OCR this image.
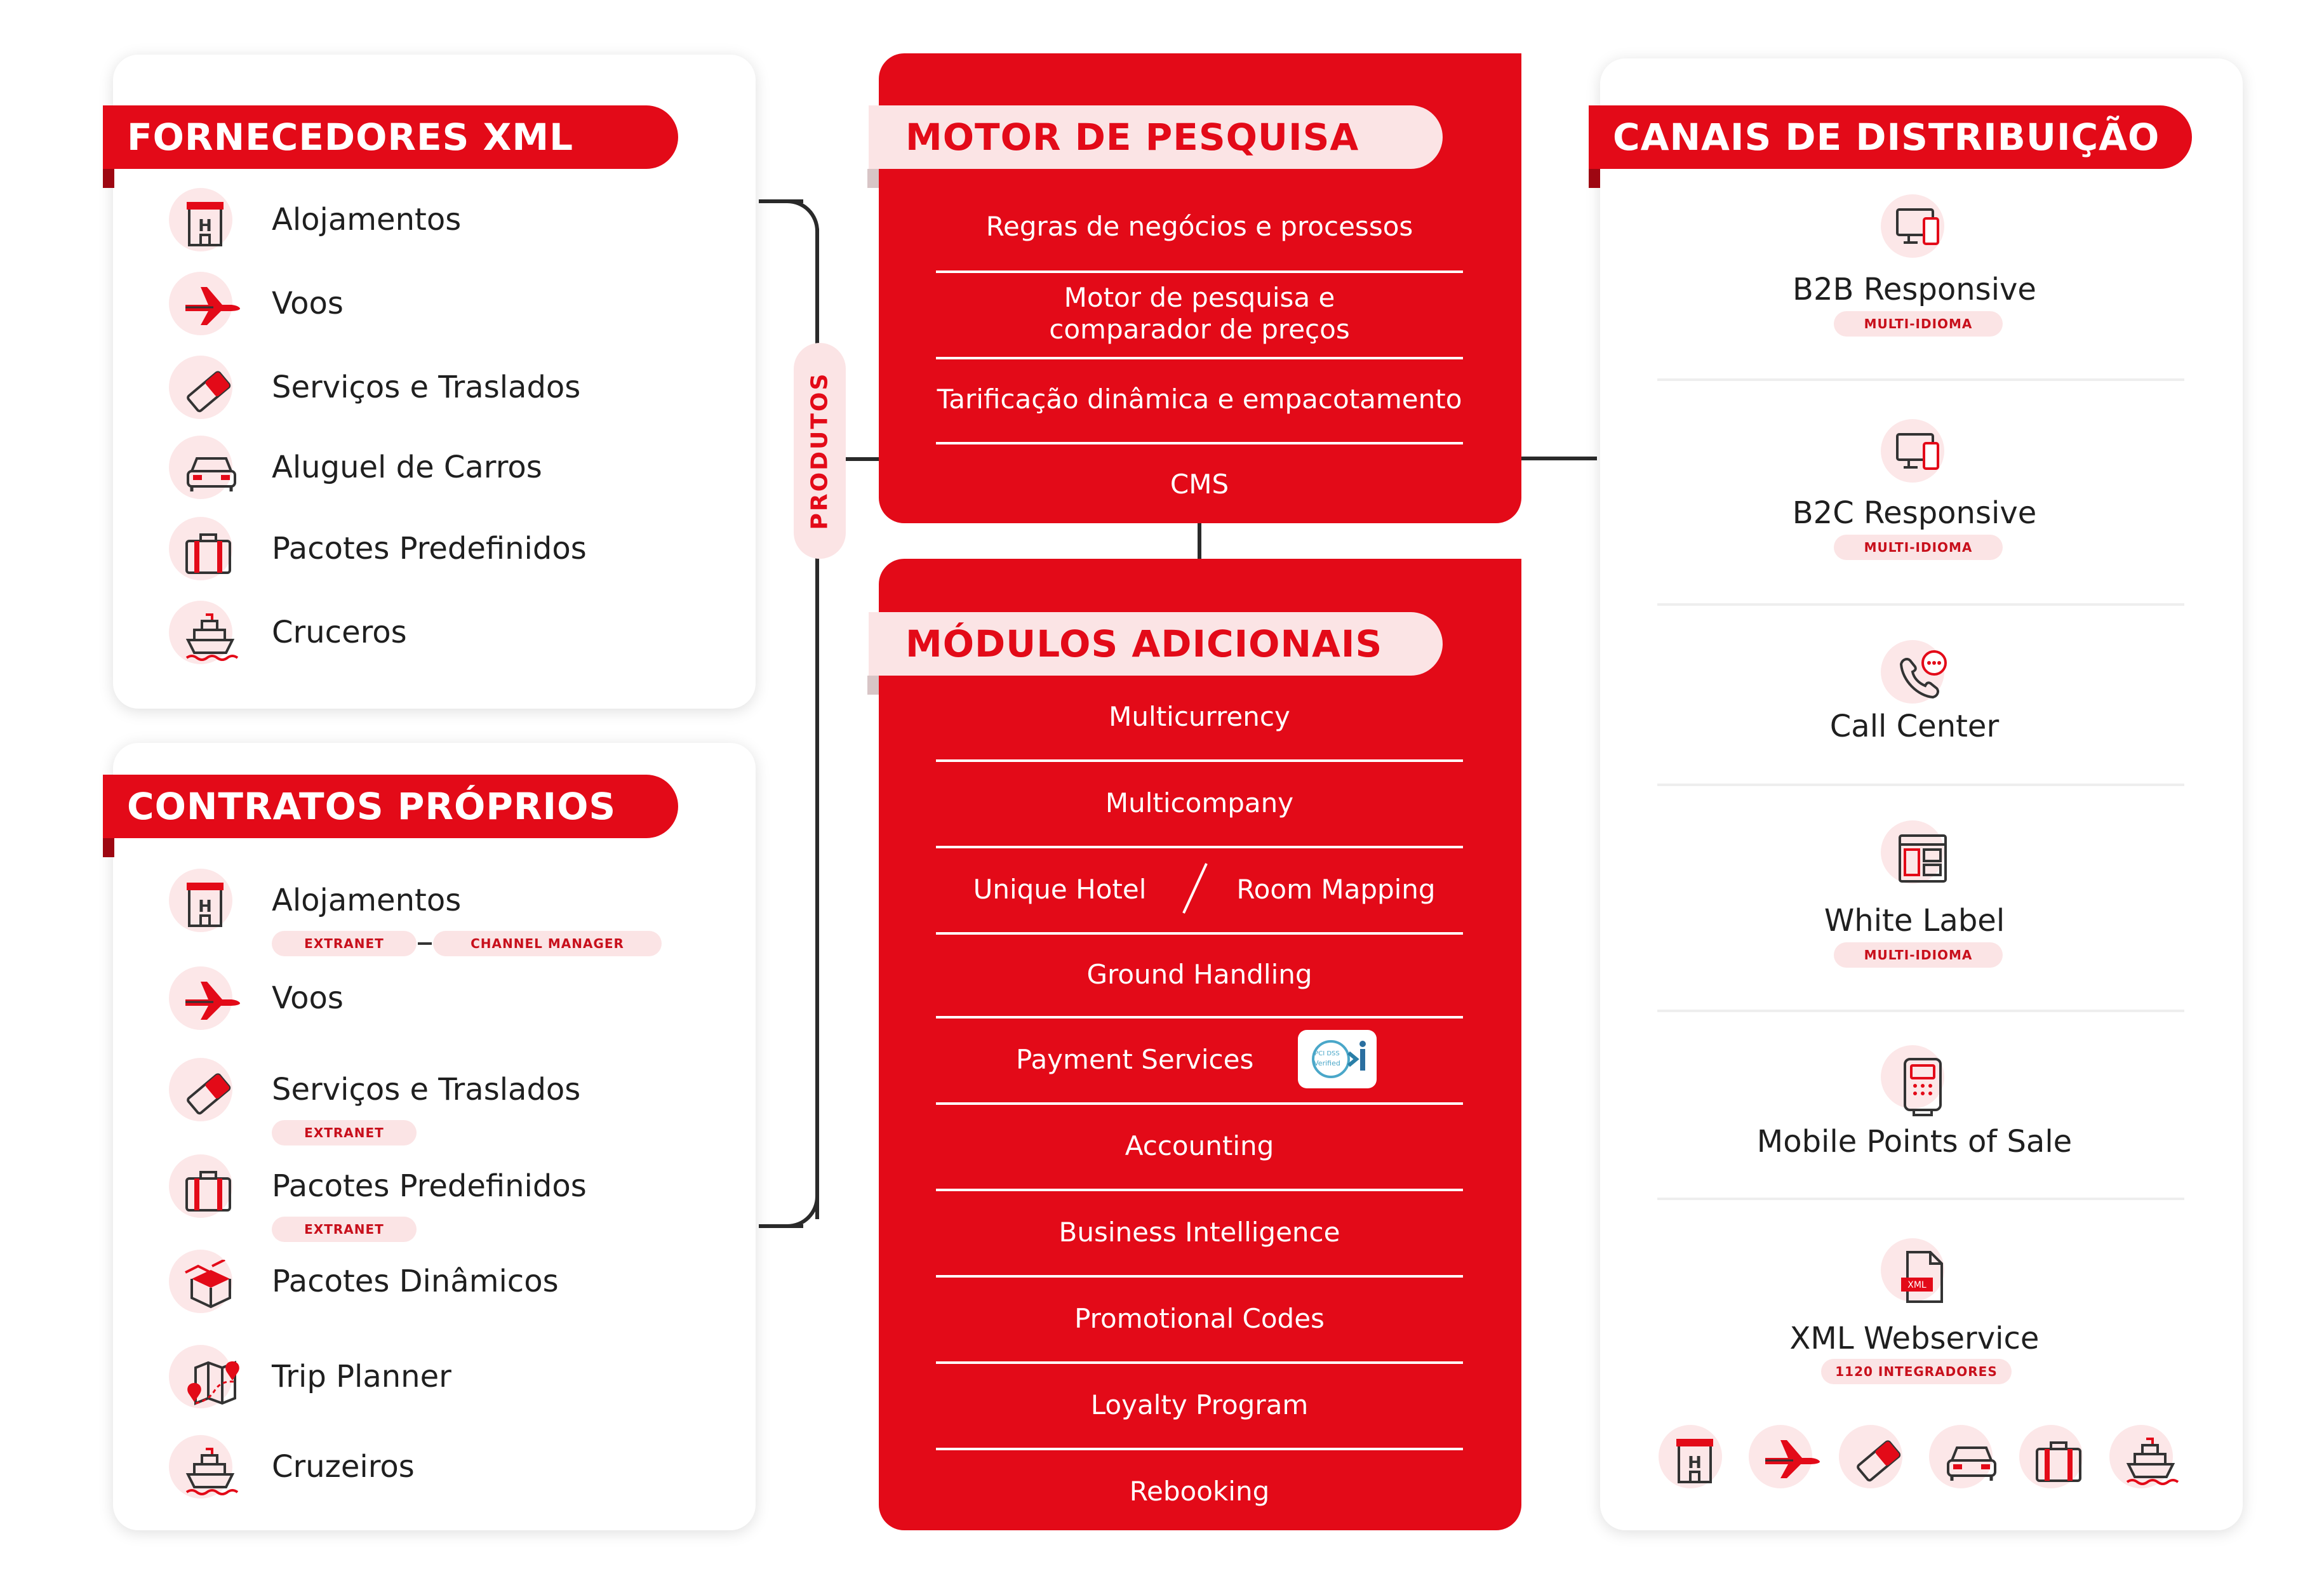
PRODUTOS
FORNECEDORES XML
CONTRATOS PRÓPRIOS
MOTOR DE PESQUISA
Regras de negócios e processos
Motor de pesquisa e
comparador de preços
Tarificação dinâmica e empacotamento
CMS
MÓDULOS ADICIONAIS
Multicurrency
Multicompany
Unique Hotel	Room Mapping
Ground Handling
Payment Services	PCI DSS
Verified
Accounting
Business Intelligence
Promotional Codes
Loyalty Program
Rebooking
CANAIS DE DISTRIBUIÇÃO
B2B Responsive
MULTI-IDIOMA
B2C Responsive
MULTI-IDIOMA
Call Center
White Label
MULTI-IDIOMA
Mobile Points of Sale
XML
XML Webservice
1120 INTEGRADORES
H
H Alojamentos
Voos
Serviços e Traslados
Aluguel de Carros
Pacotes Predefinidos
Cruceros
H Alojamentos
EXTRANET	CHANNEL MANAGER
Voos
Serviços e Traslados
EXTRANET
Pacotes Predefinidos
EXTRANET
Pacotes Dinâmicos
Trip Planner
Cruzeiros
